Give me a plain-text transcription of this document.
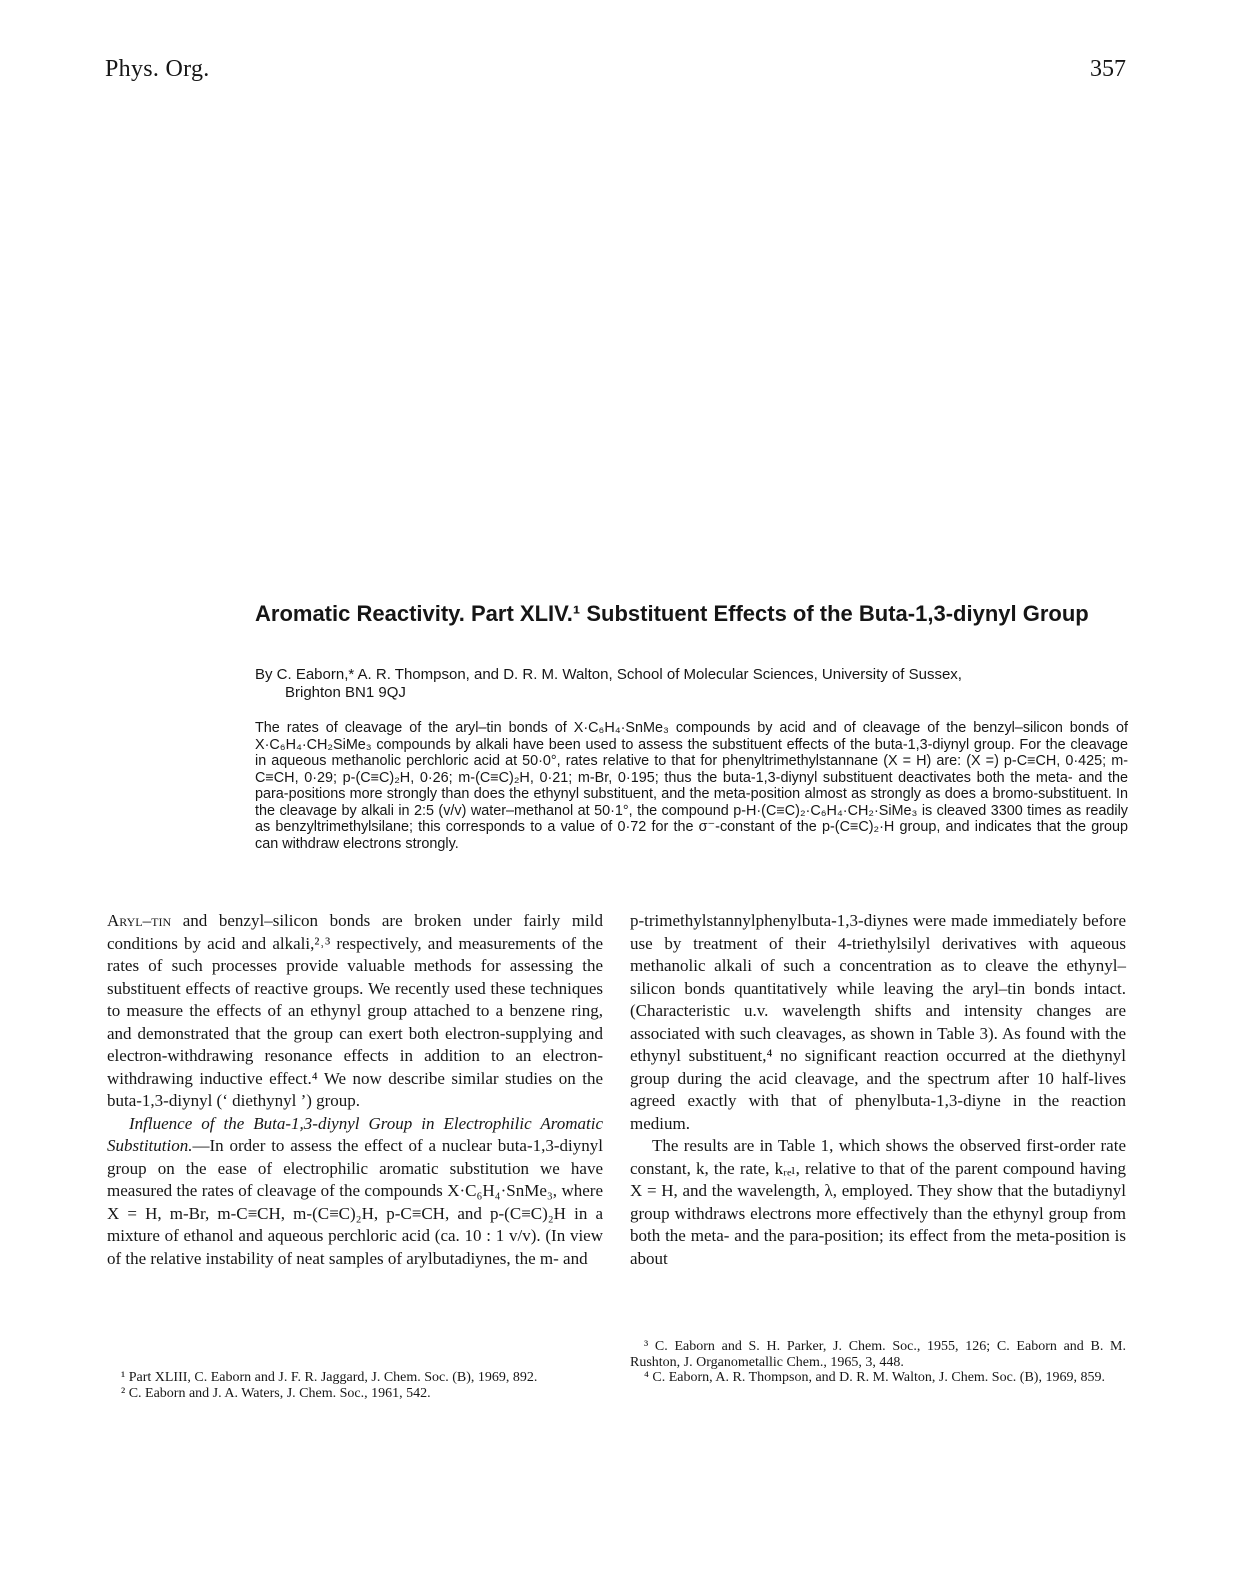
Phys. Org.	357
Aromatic Reactivity. Part XLIV.¹ Substituent Effects of the Buta-1,3-diynyl Group

By C. Eaborn,* A. R. Thompson, and D. R. M. Walton, School of Molecular Sciences, University of Sussex,
Brighton BN1 9QJ

The rates of cleavage of the aryl–tin bonds of X·C₆H₄·SnMe₃ compounds by acid and of cleavage of the benzyl–silicon bonds of X·C₆H₄·CH₂SiMe₃ compounds by alkali have been used to assess the substituent effects of the buta-1,3-diynyl group. For the cleavage in aqueous methanolic perchloric acid at 50·0°, rates relative to that for phenyltrimethylstannane (X = H) are: (X =) p-C≡CH, 0·425; m-C≡CH, 0·29; p-(C≡C)₂H, 0·26; m-(C≡C)₂H, 0·21; m-Br, 0·195; thus the buta-1,3-diynyl substituent deactivates both the meta- and the para-positions more strongly than does the ethynyl substituent, and the meta-position almost as strongly as does a bromo-substituent. In the cleavage by alkali in 2:5 (v/v) water–methanol at 50·1°, the compound p-H·(C≡C)₂·C₆H₄·CH₂·SiMe₃ is cleaved 3300 times as readily as benzyltrimethylsilane; this corresponds to a value of 0·72 for the σ⁻-constant of the p-(C≡C)₂·H group, and indicates that the group can withdraw electrons strongly.

Aryl–tin and benzyl–silicon bonds are broken under fairly mild conditions by acid and alkali,²˒³ respectively, and measurements of the rates of such processes provide valuable methods for assessing the substituent effects of reactive groups. We recently used these techniques to measure the effects of an ethynyl group attached to a benzene ring, and demonstrated that the group can exert both electron-supplying and electron-withdrawing resonance effects in addition to an electron-withdrawing inductive effect.⁴ We now describe similar studies on the buta-1,3-diynyl (‘ diethynyl ’) group.

Influence of the Buta-1,3-diynyl Group in Electrophilic Aromatic Substitution.—In order to assess the effect of a nuclear buta-1,3-diynyl group on the ease of electrophilic aromatic substitution we have measured the rates of cleavage of the compounds X·C₆H₄·SnMe₃, where X = H, m-Br, m-C≡CH, m-(C≡C)₂H, p-C≡CH, and p-(C≡C)₂H in a mixture of ethanol and aqueous perchloric acid (ca. 10 : 1 v/v). (In view of the relative instability of neat samples of arylbutadiynes, the m- and

p-trimethylstannylphenylbuta-1,3-diynes were made immediately before use by treatment of their 4-triethylsilyl derivatives with aqueous methanolic alkali of such a concentration as to cleave the ethynyl–silicon bonds quantitatively while leaving the aryl–tin bonds intact. (Characteristic u.v. wavelength shifts and intensity changes are associated with such cleavages, as shown in Table 3). As found with the ethynyl substituent,⁴ no significant reaction occurred at the diethynyl group during the acid cleavage, and the spectrum after 10 half-lives agreed exactly with that of phenylbuta-1,3-diyne in the reaction medium.

The results are in Table 1, which shows the observed first-order rate constant, k, the rate, kᵣₑₗ, relative to that of the parent compound having X = H, and the wavelength, λ, employed. They show that the butadiynyl group withdraws electrons more effectively than the ethynyl group from both the meta- and the para-position; its effect from the meta-position is about

¹ Part XLIII, C. Eaborn and J. F. R. Jaggard, J. Chem. Soc. (B), 1969, 892.

² C. Eaborn and J. A. Waters, J. Chem. Soc., 1961, 542.

³ C. Eaborn and S. H. Parker, J. Chem. Soc., 1955, 126; C. Eaborn and B. M. Rushton, J. Organometallic Chem., 1965, 3, 448.

⁴ C. Eaborn, A. R. Thompson, and D. R. M. Walton, J. Chem. Soc. (B), 1969, 859.
